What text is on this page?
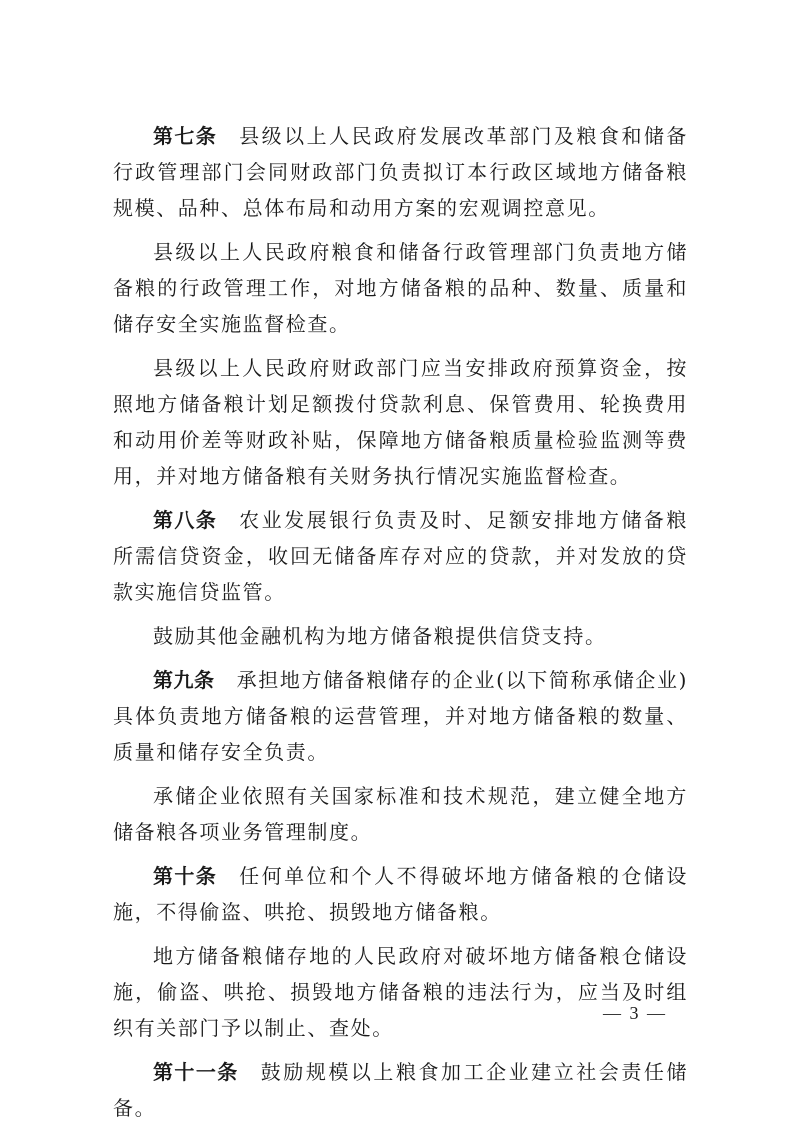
第七条 县级以上人民政府发展改革部门及粮食和储备行政管理部门会同财政部门负责拟订本行政区域地方储备粮规模、品种、总体布局和动用方案的宏观调控意见。

县级以上人民政府粮食和储备行政管理部门负责地方储备粮的行政管理工作，对地方储备粮的品种、数量、质量和储存安全实施监督检查。

县级以上人民政府财政部门应当安排政府预算资金，按照地方储备粮计划足额拨付贷款利息、保管费用、轮换费用和动用价差等财政补贴，保障地方储备粮质量检验监测等费用，并对地方储备粮有关财务执行情况实施监督检查。

第八条 农业发展银行负责及时、足额安排地方储备粮所需信贷资金，收回无储备库存对应的贷款，并对发放的贷款实施信贷监管。

鼓励其他金融机构为地方储备粮提供信贷支持。

第九条 承担地方储备粮储存的企业(以下简称承储企业)具体负责地方储备粮的运营管理，并对地方储备粮的数量、质量和储存安全负责。

承储企业依照有关国家标准和技术规范，建立健全地方储备粮各项业务管理制度。

第十条 任何单位和个人不得破坏地方储备粮的仓储设施，不得偷盗、哄抢、损毁地方储备粮。

地方储备粮储存地的人民政府对破坏地方储备粮仓储设施，偷盗、哄抢、损毁地方储备粮的违法行为，应当及时组织有关部门予以制止、查处。

第十一条 鼓励规模以上粮食加工企业建立社会责任储备。

— 3 —
